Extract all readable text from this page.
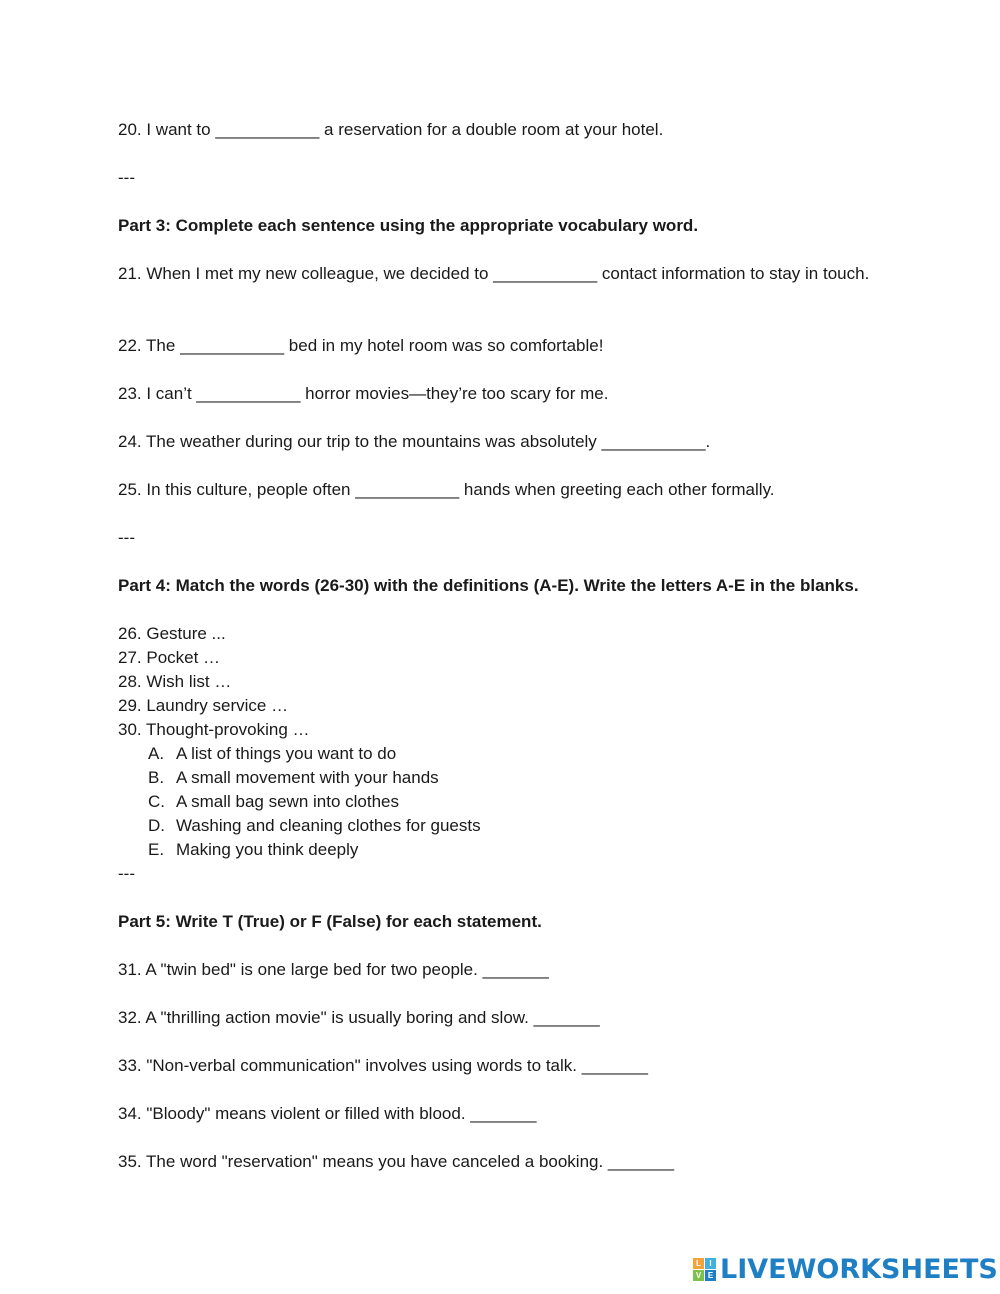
20. I want to ___________ a reservation for a double room at your hotel.
---
Part 3: Complete each sentence using the appropriate vocabulary word.
21. When I met my new colleague, we decided to ___________ contact information to stay in touch.
22. The ___________ bed in my hotel room was so comfortable!
23. I can’t ___________ horror movies—they’re too scary for me.
24. The weather during our trip to the mountains was absolutely ___________.
25. In this culture, people often ___________ hands when greeting each other formally.
---
Part 4: Match the words (26-30) with the definitions (A-E). Write the letters A-E in the blanks.
26. Gesture ...
27. Pocket …
28. Wish list …
29. Laundry service …
30. Thought-provoking …
A. A list of things you want to do
B. A small movement with your hands
C. A small bag sewn into clothes
D. Washing and cleaning clothes for guests
E. Making you think deeply
---
Part 5: Write T (True) or F (False) for each statement.
31. A "twin bed" is one large bed for two people. _______
32. A "thrilling action movie" is usually boring and slow. _______
33. "Non-verbal communication" involves using words to talk. _______
34. "Bloody" means violent or filled with blood. _______
35. The word "reservation" means you have canceled a booking. _______
L	I
V E LIVEWORKSHEETS
